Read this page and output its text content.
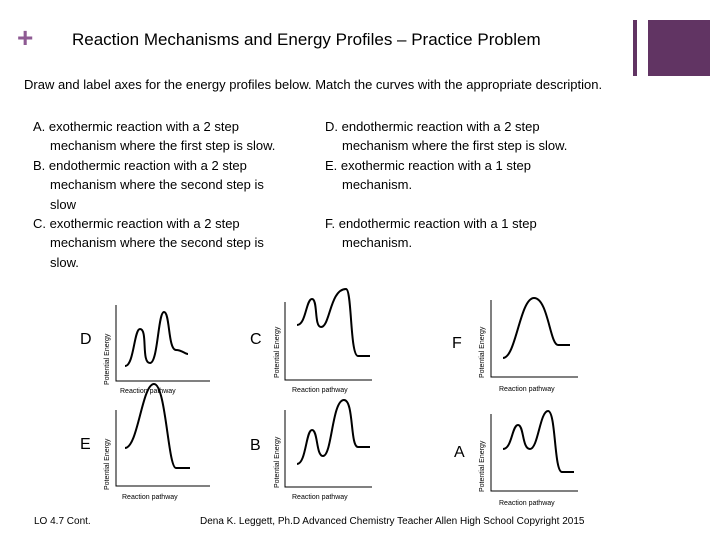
+ Reaction Mechanisms and Energy Profiles – Practice Problem
Draw and label axes for the energy profiles below. Match the curves with the appropriate description.
A. exothermic reaction with a 2 step
mechanism where the first step is slow.
B. endothermic reaction with a 2 step
mechanism where the second step is
slow
C. exothermic reaction with a 2 step
mechanism where the second step is
slow.
D. endothermic reaction with a 2 step
mechanism where the first step is slow.
E. exothermic reaction with a 1 step
mechanism.
F. endothermic reaction with a 1 step
mechanism.
D Potential Energy
Reaction pathway
C Potential Energy
Reaction pathway
F Potential Energy
Reaction pathway
E Potential Energy
Reaction pathway
B Potential Energy
Reaction pathway
A Potential Energy
Reaction pathway
LO 4.7 Cont.	Dena K. Leggett, Ph.D Advanced Chemistry Teacher Allen High School Copyright 2015
